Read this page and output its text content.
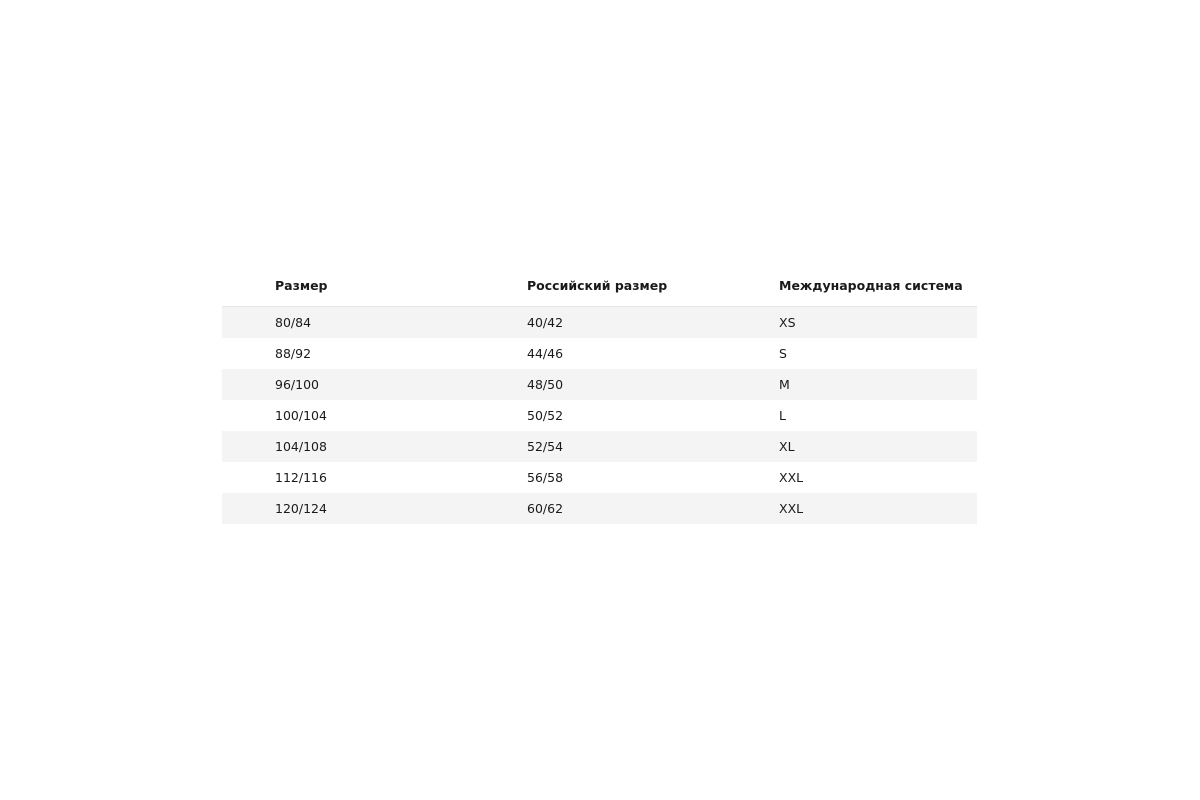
Размер	Российский размер	Международная система
80/84	40/42	XS
88/92	44/46	S
96/100	48/50	M
100/104	50/52	L
104/108	52/54	XL
112/116	56/58	XXL
120/124	60/62	XXL
